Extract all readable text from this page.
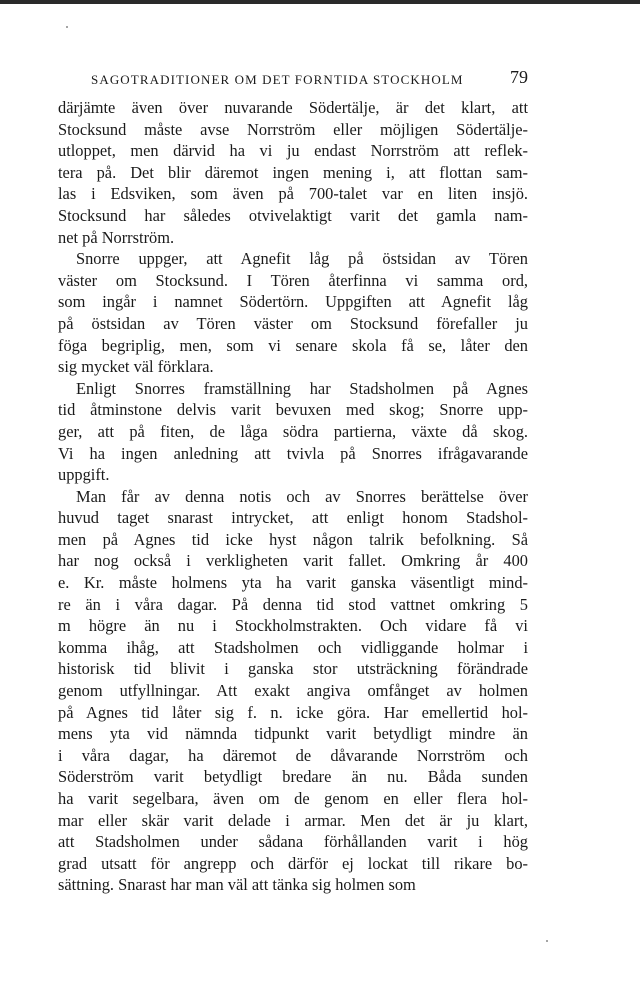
SAGOTRADITIONER OM DET FORNTIDA STOCKHOLM	79

därjämte även över nuvarande Södertälje, är det klart, att
Stocksund måste avse Norrström eller möjligen Södertälje-
utloppet, men därvid ha vi ju endast Norrström att reflek-
tera på. Det blir däremot ingen mening i, att flottan sam-
las i Edsviken, som även på 700-talet var en liten insjö.
Stocksund har således otvivelaktigt varit det gamla nam-
net på Norrström.

Snorre uppger, att Agnefit låg på östsidan av Tören
väster om Stocksund. I Tören återfinna vi samma ord,
som ingår i namnet Södertörn. Uppgiften att Agnefit låg
på östsidan av Tören väster om Stocksund förefaller ju
föga begriplig, men, som vi senare skola få se, låter den
sig mycket väl förklara.

Enligt Snorres framställning har Stadsholmen på Agnes
tid åtminstone delvis varit bevuxen med skog; Snorre upp-
ger, att på fiten, de låga södra partierna, växte då skog.
Vi ha ingen anledning att tvivla på Snorres ifrågavarande
uppgift.

Man får av denna notis och av Snorres berättelse över
huvud taget snarast intrycket, att enligt honom Stadshol-
men på Agnes tid icke hyst någon talrik befolkning. Så
har nog också i verkligheten varit fallet. Omkring år 400
e. Kr. måste holmens yta ha varit ganska väsentligt mind-
re än i våra dagar. På denna tid stod vattnet omkring 5
m högre än nu i Stockholmstrakten. Och vidare få vi
komma ihåg, att Stadsholmen och vidliggande holmar i
historisk tid blivit i ganska stor utsträckning förändrade
genom utfyllningar. Att exakt angiva omfånget av holmen
på Agnes tid låter sig f. n. icke göra. Har emellertid hol-
mens yta vid nämnda tidpunkt varit betydligt mindre än
i våra dagar, ha däremot de dåvarande Norrström och
Söderström varit betydligt bredare än nu. Båda sunden
ha varit segelbara, även om de genom en eller flera hol-
mar eller skär varit delade i armar. Men det är ju klart,
att Stadsholmen under sådana förhållanden varit i hög
grad utsatt för angrepp och därför ej lockat till rikare bo-
sättning. Snarast har man väl att tänka sig holmen som
